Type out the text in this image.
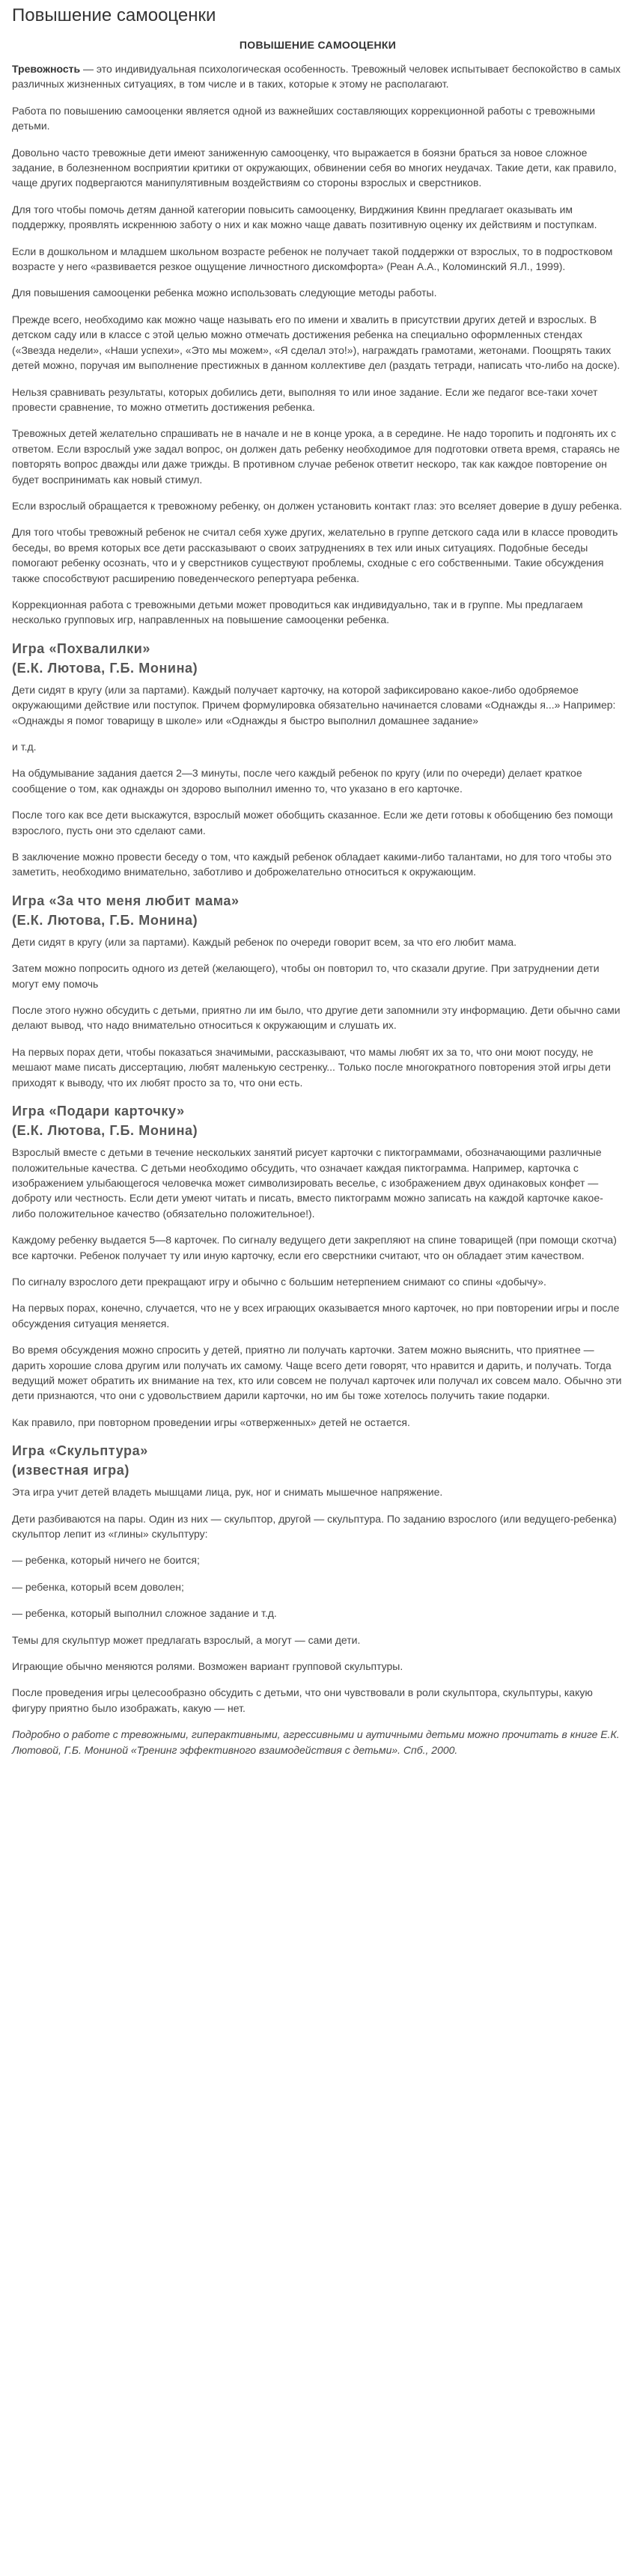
Повышение самооценки
ПОВЫШЕНИЕ САМООЦЕНКИ

Тревожность — это индивидуальная психологическая особенность. Тревожный человек испытывает беспокойство в самых различных жизненных ситуациях, в том числе и в таких, которые к этому не располагают.

Работа по повышению самооценки является одной из важнейших составляющих коррекционной работы с тревожными детьми.

Довольно часто тревожные дети имеют заниженную самооценку, что выражается в боязни браться за новое сложное задание, в болезненном восприятии критики от окружающих, обвинении себя во многих неудачах. Такие дети, как правило, чаще других подвергаются манипулятивным воздействиям со стороны взрослых и сверстников.

Для того чтобы помочь детям данной категории повысить самооценку, Вирджиния Квинн предлагает оказывать им поддержку, проявлять искреннюю заботу о них и как можно чаще давать позитивную оценку их действиям и поступкам.

Если в дошкольном и младшем школьном возрасте ребенок не получает такой поддержки от взрослых, то в подростковом возрасте у него «развивается резкое ощущение личностного дискомфорта» (Реан А.А., Коломинский Я.Л., 1999).

Для повышения самооценки ребенка можно использовать следующие методы работы.

Прежде всего, необходимо как можно чаще называть его по имени и хвалить в присутствии других детей и взрослых. В детском саду или в классе с этой целью можно отмечать достижения ребенка на специально оформленных стендах («Звезда недели», «Наши успехи», «Это мы можем», «Я сделал это!»), награждать грамотами, жетонами. Поощрять таких детей можно, поручая им выполнение престижных в данном коллективе дел (раздать тетради, написать что-либо на доске).

Нельзя сравнивать результаты, которых добились дети, выполняя то или иное задание. Если же педагог все-таки хочет провести сравнение, то можно отметить достижения ребенка.

Тревожных детей желательно спрашивать не в начале и не в конце урока, а в середине. Не надо торопить и подгонять их с ответом. Если взрослый уже задал вопрос, он должен дать ребенку необходимое для подготовки ответа время, стараясь не повторять вопрос дважды или даже трижды. В противном случае ребенок ответит нескоро, так как каждое повторение он будет воспринимать как новый стимул.

Если взрослый обращается к тревожному ребенку, он должен установить контакт глаз: это вселяет доверие в душу ребенка.

Для того чтобы тревожный ребенок не считал себя хуже других, желательно в группе детского сада или в классе проводить беседы, во время которых все дети рассказывают о своих затруднениях в тех или иных ситуациях. Подобные беседы помогают ребенку осознать, что и у сверстников существуют проблемы, сходные с его собственными. Такие обсуждения также способствуют расширению поведенческого репертуара ребенка.

Коррекционная работа с тревожными детьми может проводиться как индивидуально, так и в группе. Мы предлагаем несколько групповых игр, направленных на повышение самооценки ребенка.

Игра «Похвалилки»
(Е.К. Лютова, Г.Б. Монина)

Дети сидят в кругу (или за партами). Каждый получает карточку, на которой зафиксировано какое-либо одобряемое окружающими действие или поступок. Причем формулировка обязательно начинается словами «Однажды я...» Например: «Однажды я помог товарищу в школе» или «Однажды я быстро выполнил домашнее задание»

и т.д.

На обдумывание задания дается 2—3 минуты, после чего каждый ребенок по кругу (или по очереди) делает краткое сообщение о том, как однажды он здорово выполнил именно то, что указано в его карточке.

После того как все дети выскажутся, взрослый может обобщить сказанное. Если же дети готовы к обобщению без помощи взрослого, пусть они это сделают сами.

В заключение можно провести беседу о том, что каждый ребенок обладает какими-либо талантами, но для того чтобы это заметить, необходимо внимательно, заботливо и доброжелательно относиться к окружающим.

Игра «За что меня любит мама»
(Е.К. Лютова, Г.Б. Монина)

Дети сидят в кругу (или за партами). Каждый ребенок по очереди говорит всем, за что его любит мама.

Затем можно попросить одного из детей (желающего), чтобы он повторил то, что сказали другие. При затруднении дети могут ему помочь

После этого нужно обсудить с детьми, приятно ли им было, что другие дети запомнили эту информацию. Дети обычно сами делают вывод, что надо внимательно относиться к окружающим и слушать их.

На первых порах дети, чтобы показаться значимыми, рассказывают, что мамы любят их за то, что они моют посуду, не мешают маме писать диссертацию, любят маленькую сестренку... Только после многократного повторения этой игры дети приходят к выводу, что их любят просто за то, что они есть.

Игра «Подари карточку»
(Е.К. Лютова, Г.Б. Монина)

Взрослый вместе с детьми в течение нескольких занятий рисует карточки с пиктограммами, обозначающими различные положительные качества. С детьми необходимо обсудить, что означает каждая пиктограмма. Например, карточка с изображением улыбающегося человечка может символизировать веселье, с изображением двух одинаковых конфет — доброту или честность. Если дети умеют читать и писать, вместо пиктограмм можно записать на каждой карточке какое-либо положительное качество (обязательно положительное!).

Каждому ребенку выдается 5—8 карточек. По сигналу ведущего дети закрепляют на спине товарищей (при помощи скотча) все карточки. Ребенок получает ту или иную карточку, если его сверстники считают, что он обладает этим качеством.

По сигналу взрослого дети прекращают игру и обычно с большим нетерпением снимают со спины «добычу».

На первых порах, конечно, случается, что не у всех играющих оказывается много карточек, но при повторении игры и после обсуждения ситуация меняется.

Во время обсуждения можно спросить у детей, приятно ли получать карточки. Затем можно выяснить, что приятнее — дарить хорошие слова другим или получать их самому. Чаще всего дети говорят, что нравится и дарить, и получать. Тогда ведущий может обратить их внимание на тех, кто или совсем не получал карточек или получал их совсем мало. Обычно эти дети признаются, что они с удовольствием дарили карточки, но им бы тоже хотелось получить такие подарки.

Как правило, при повторном проведении игры «отверженных» детей не остается.

Игра «Скульптура»
(известная игра)

Эта игра учит детей владеть мышцами лица, рук, ног и снимать мышечное напряжение.

Дети разбиваются на пары. Один из них — скульптор, другой — скульптура. По заданию взрослого (или ведущего-ребенка) скульптор лепит из «глины» скульптуру:

— ребенка, который ничего не боится;

— ребенка, который всем доволен;

— ребенка, который выполнил сложное задание и т.д.

Темы для скульптур может предлагать взрослый, а могут — сами дети.

Играющие обычно меняются ролями. Возможен вариант групповой скульптуры.

После проведения игры целесообразно обсудить с детьми, что они чувствовали в роли скульптора, скульптуры, какую фигуру приятно было изображать, какую — нет.

Подробно о работе с тревожными, гиперактивными, агрессивными и аутичными детьми можно прочитать в книге Е.К. Лютовой, Г.Б. Мониной «Тренинг эффективного взаимодействия с детьми». Спб., 2000.
